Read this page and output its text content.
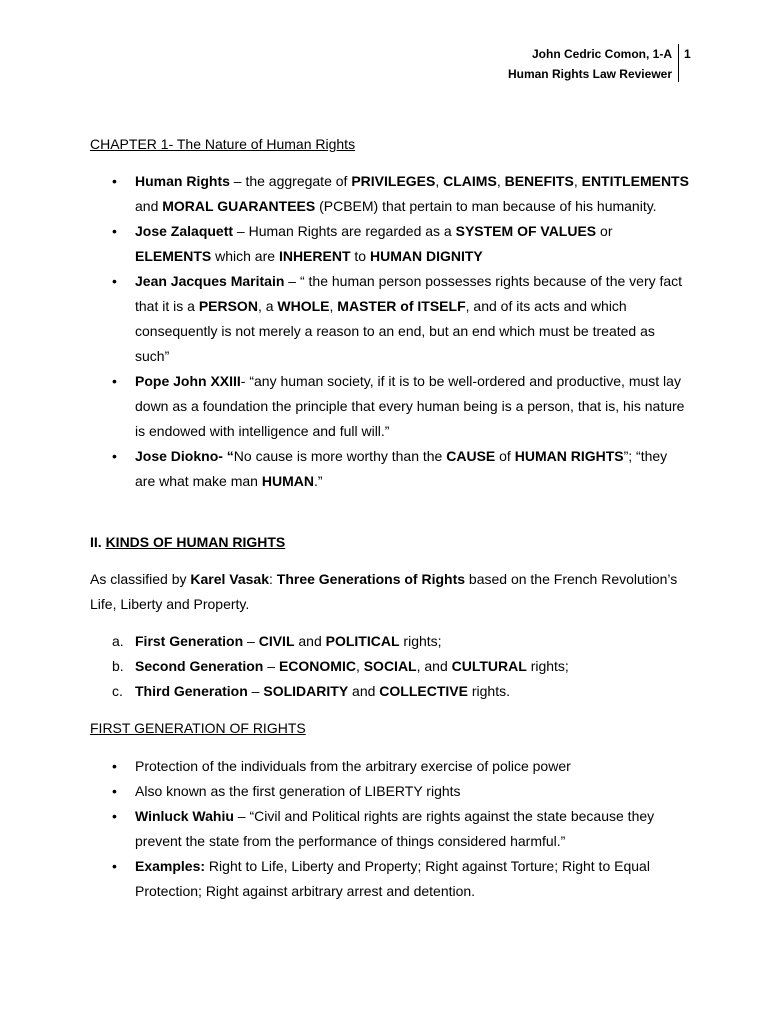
John Cedric Comon, 1-A
Human Rights Law Reviewer
1
CHAPTER 1- The Nature of Human Rights
• Human Rights – the aggregate of PRIVILEGES, CLAIMS, BENEFITS, ENTITLEMENTS and MORAL GUARANTEES (PCBEM) that pertain to man because of his humanity.
• Jose Zalaquett – Human Rights are regarded as a SYSTEM OF VALUES or ELEMENTS which are INHERENT to HUMAN DIGNITY
• Jean Jacques Maritain – “ the human person possesses rights because of the very fact that it is a PERSON, a WHOLE, MASTER of ITSELF, and of its acts and which consequently is not merely a reason to an end, but an end which must be treated as such”
• Pope John XXIII- “any human society, if it is to be well-ordered and productive, must lay down as a foundation the principle that every human being is a person, that is, his nature is endowed with intelligence and full will.”
• Jose Diokno- “No cause is more worthy than the CAUSE of HUMAN RIGHTS”; “they are what make man HUMAN.”
II. KINDS OF HUMAN RIGHTS
As classified by Karel Vasak: Three Generations of Rights based on the French Revolution’s Life, Liberty and Property.
a. First Generation – CIVIL and POLITICAL rights;
b. Second Generation – ECONOMIC, SOCIAL, and CULTURAL rights;
c. Third Generation – SOLIDARITY and COLLECTIVE rights.
FIRST GENERATION OF RIGHTS
• Protection of the individuals from the arbitrary exercise of police power
• Also known as the first generation of LIBERTY rights
• Winluck Wahiu – “Civil and Political rights are rights against the state because they prevent the state from the performance of things considered harmful.”
• Examples: Right to Life, Liberty and Property; Right against Torture; Right to Equal Protection; Right against arbitrary arrest and detention.
